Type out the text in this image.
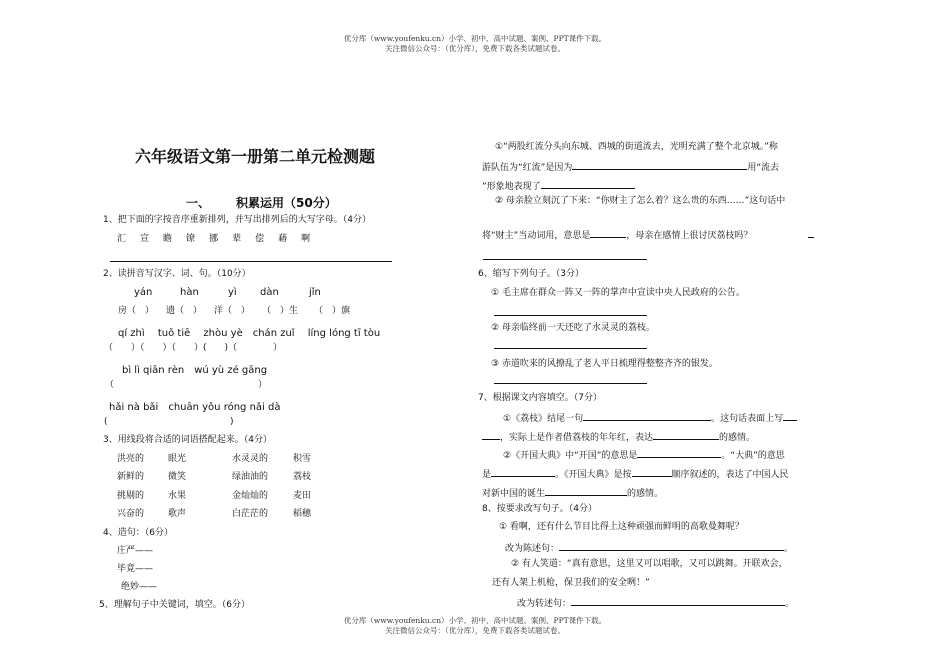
优分库（www.youfenku.cn）小学、初中、高中试题、案例、PPT课件下载。
关注微信公众号：（优分库），免费下载各类试题试卷。
六年级语文第一册第二单元检测题
一、 积累运用（50分）
1、把下面的字按音序重新排列，并写出排列后的大写字母。（4分）
汇 宣 瞻 镣 挪 辈 偿 藉 啊
2、读拼音写汉字、词、句。（10分）
yán	hàn	yì dàn	jǐn
房（　） 遗（　） 洋（　） （　）生 （　）旗
qí zhì　 tuǒ tiē　 zhòu yè　chán zuǐ　 líng lóng tī tòu
（　　）（　　）（　　）(　　)（　　　　）
bì lì qiān rèn　wú yù zé gāng
（　　　　　　　　　　　　　　　　）
hǎi nà bǎi　chuān yǒu róng nǎi dà
(	)
3、用线段将合适的词语搭配起来。（4分）
洪亮的	眼光	水灵灵的	积雪
新鲜的	微笑	绿油油的	荔枝
挑剔的	水果	金灿灿的	麦田
兴奋的	歌声	白茫茫的	稻穗
4、造句：（6分）
庄严——
毕竟——
绝妙——
5、理解句子中关键词，填空。（6分）
①“两股红流分头向东城、西城的街道流去，光明充满了整个北京城。”称
游队伍为“红流”是因为	用“流去
”形象地表现了
② 母亲脸立刻沉了下来：“你财主了怎么着？这么贵的东西……”这句话中
将“财主”当动词用，意思是	，母亲在感情上很讨厌荔枝吗？
6、缩写下列句子。（3分）
① 毛主席在群众一阵又一阵的掌声中宣读中央人民政府的公告。
② 母亲临终前一天还吃了水灵灵的荔枝。
③ 赤道吹来的风撩乱了老人平日梳理得整整齐齐的银发。
7、根据课文内容填空。（7分）
①《荔枝》结尾一句	。这句话表面上写
，实际上是作者借荔枝的年年红，表达	的感情。
②《开国大典》中“开国”的意思是	。“大典”的意思
是	。《开国大典》是按	顺序叙述的，表达了中国人民
对新中国的诞生	的感情。
8、按要求改写句子。（4分）
① 看啊，还有什么节目比得上这种顽强而鲜明的高歌曼舞呢？
改为陈述句：	。
② 有人笑道：“真有意思，这里又可以唱歌，又可以跳舞。开联欢会，
还有人架上机枪，保卫我们的安全咧！”
改为转述句：	。
优分库（www.youfenku.cn）小学、初中、高中试题、案例、PPT课件下载。
关注微信公众号：（优分库），免费下载各类试题试卷。
